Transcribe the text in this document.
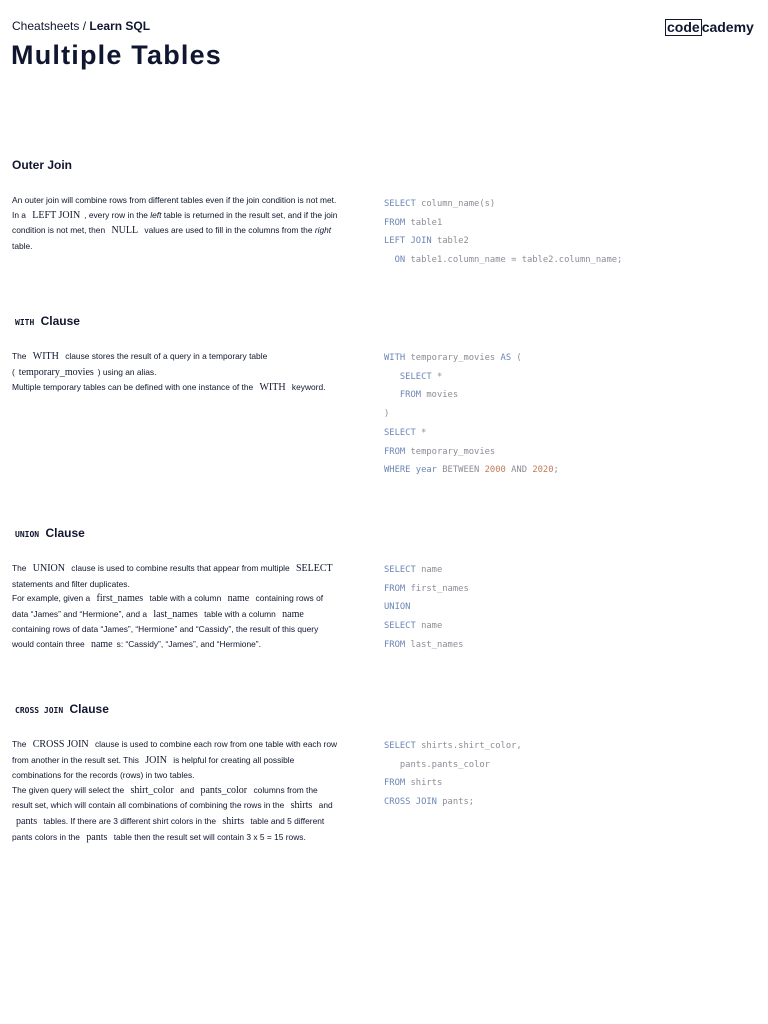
Cheatsheets / Learn SQL	code cademy
Multiple Tables
Outer Join

An outer join will combine rows from different tables even if the join condition is not met. In a LEFT JOIN , every row in the left table is returned in the result set, and if the join condition is not met, then NULL values are used to fill in the columns from the right table.

SELECT column_name(s)
FROM table1
LEFT JOIN table2
ON table1.column_name = table2.column_name;
WITH Clause

The WITH clause stores the result of a query in a temporary table ( temporary_movies ) using an alias.

Multiple temporary tables can be defined with one instance of the WITH keyword.

WITH temporary_movies AS (
SELECT *
FROM movies
)
SELECT *
FROM temporary_movies
WHERE year BETWEEN 2000 AND 2020;
UNION Clause

The UNION clause is used to combine results that appear from multiple SELECT statements and filter duplicates.

For example, given a first_names table with a column name containing rows of data “James” and “Hermione”, and a last_names table with a column name containing rows of data “James”, “Hermione” and “Cassidy”, the result of this query would contain three name s: “Cassidy”, “James”, and “Hermione”.

SELECT name
FROM first_names
UNION
SELECT name
FROM last_names
CROSS JOIN Clause

The CROSS JOIN clause is used to combine each row from one table with each row from another in the result set. This JOIN is helpful for creating all possible combinations for the records (rows) in two tables.

The given query will select the shirt_color and pants_color columns from the result set, which will contain all combinations of combining the rows in the shirts and pants tables. If there are 3 different shirt colors in the shirts table and 5 different pants colors in the pants table then the result set will contain 3 x 5 = 15 rows.

SELECT shirts.shirt_color,
pants.pants_color
FROM shirts
CROSS JOIN pants;
